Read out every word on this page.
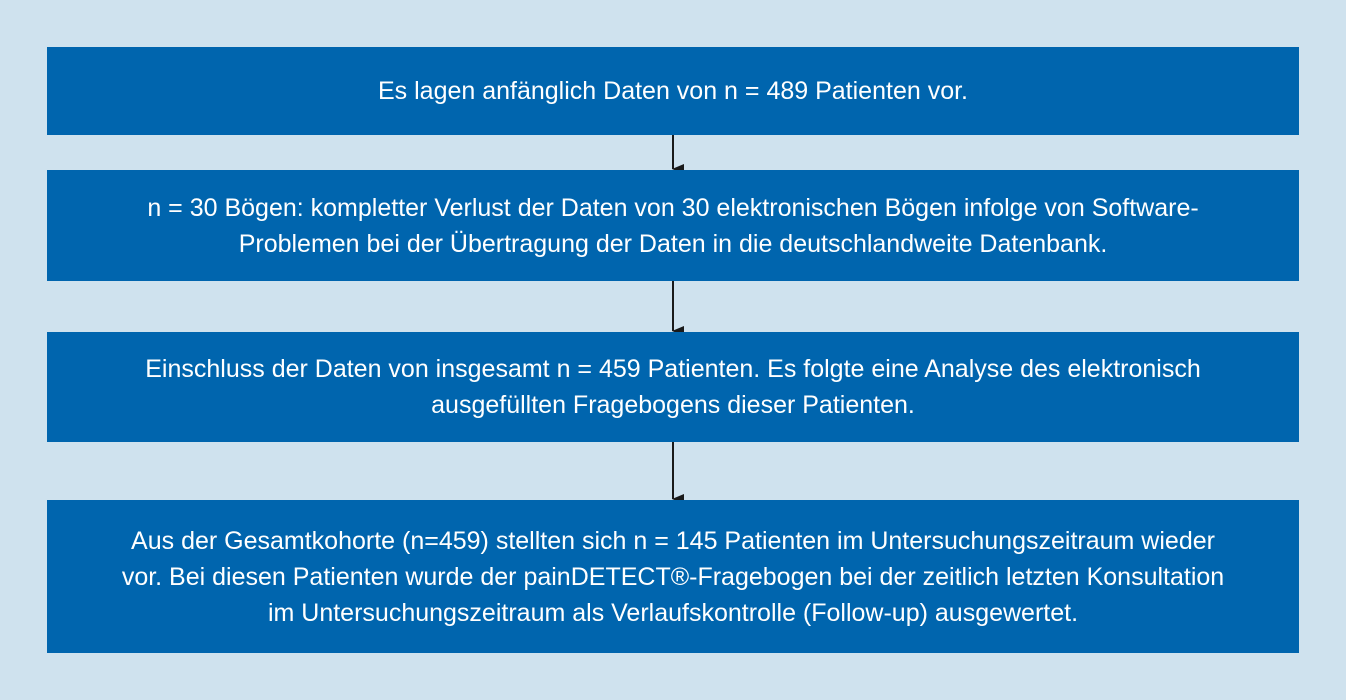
Es lagen anfänglich Daten von n = 489 Patienten vor.
n = 30 Bögen: kompletter Verlust der Daten von 30 elektronischen Bögen infolge von Software-
Problemen bei der Übertragung der Daten in die deutschlandweite Datenbank.
Einschluss der Daten von insgesamt n = 459 Patienten. Es folgte eine Analyse des elektronisch
ausgefüllten Fragebogens dieser Patienten.
Aus der Gesamtkohorte (n=459) stellten sich n = 145 Patienten im Untersuchungszeitraum wieder
vor. Bei diesen Patienten wurde der painDETECT®-Fragebogen bei der zeitlich letzten Konsultation
im Untersuchungszeitraum als Verlaufskontrolle (Follow-up) ausgewertet.
